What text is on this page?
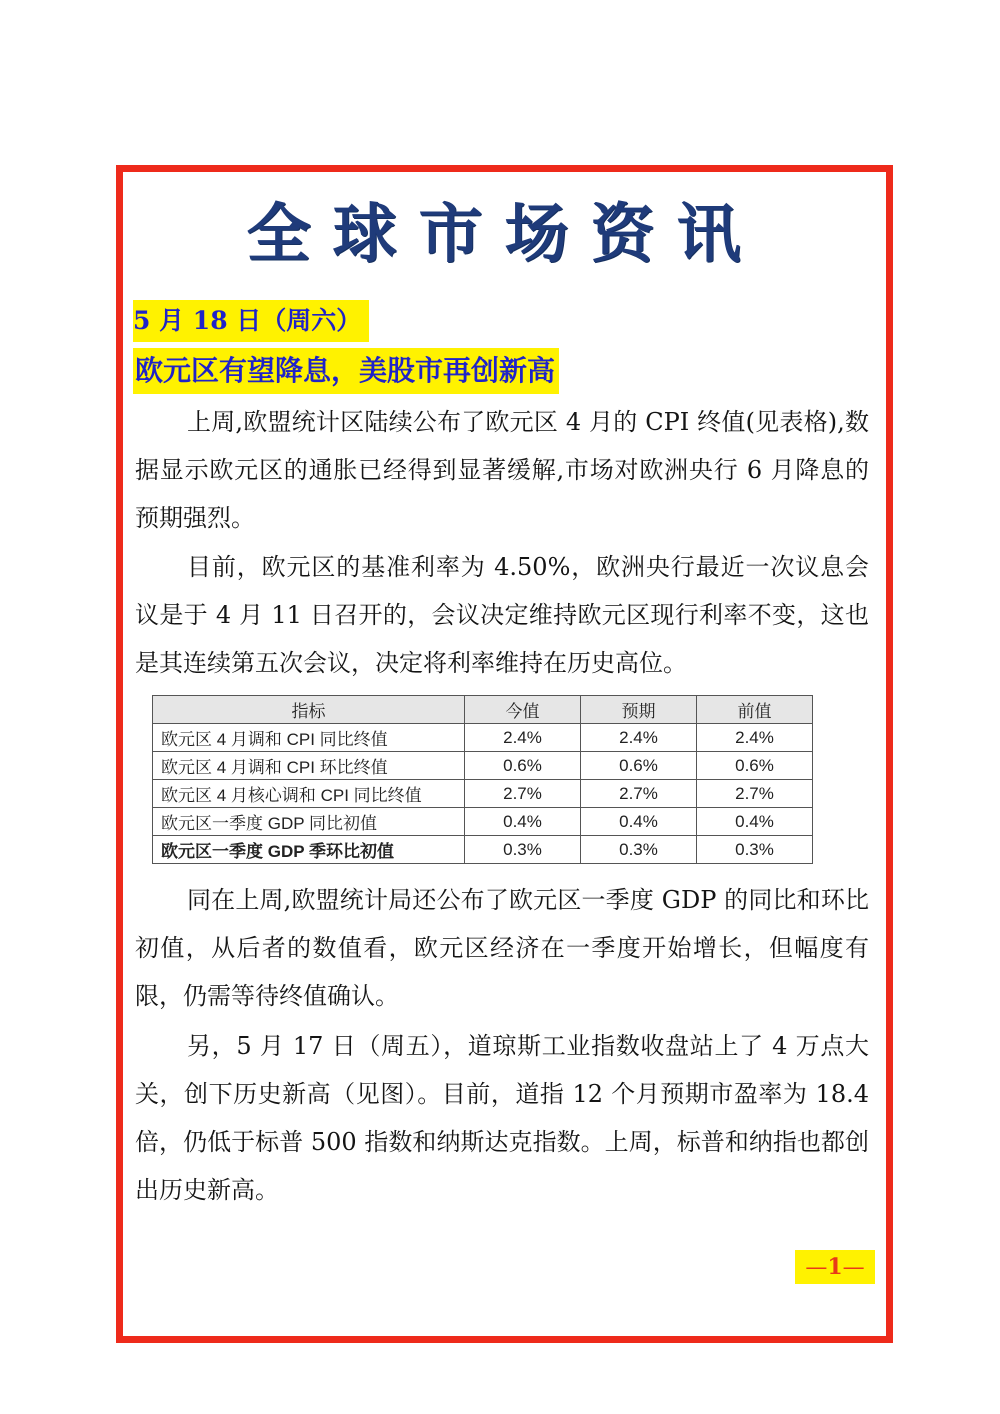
全球市场资讯
5 月 18 日（周六）
欧元区有望降息，美股市再创新高

上周,欧盟统计区陆续公布了欧元区 4 月的 CPI 终值(见表格),数据显示欧元区的通胀已经得到显著缓解,市场对欧洲央行 6 月降息的预期强烈。

目前，欧元区的基准利率为 4.50%，欧洲央行最近一次议息会议是于 4 月 11 日召开的，会议决定维持欧元区现行利率不变，这也是其连续第五次会议，决定将利率维持在历史高位。

指标	今值	预期	前值
欧元区 4 月调和 CPI 同比终值	2.4%	2.4%	2.4%
欧元区 4 月调和 CPI 环比终值	0.6%	0.6%	0.6%
欧元区 4 月核心调和 CPI 同比终值	2.7%	2.7%	2.7%
欧元区一季度 GDP 同比初值	0.4%	0.4%	0.4%
欧元区一季度 GDP 季环比初值	0.3%	0.3%	0.3%

同在上周,欧盟统计局还公布了欧元区一季度 GDP 的同比和环比初值，从后者的数值看，欧元区经济在一季度开始增长，但幅度有限，仍需等待终值确认。

另，5 月 17 日（周五），道琼斯工业指数收盘站上了 4 万点大关，创下历史新高（见图）。目前，道指 12 个月预期市盈率为 18.4 倍，仍低于标普 500 指数和纳斯达克指数。上周，标普和纳指也都创出历史新高。

—1—
